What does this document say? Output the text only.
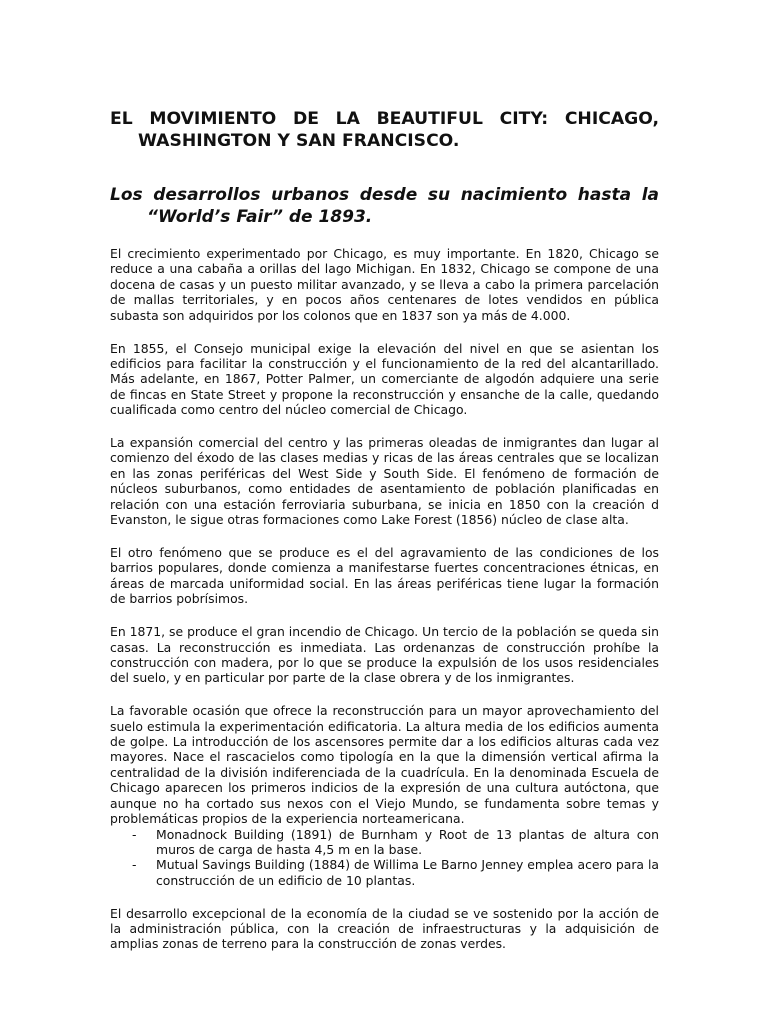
EL MOVIMIENTO DE LA BEAUTIFUL CITY: CHICAGO, WASHINGTON Y SAN FRANCISCO.
Los desarrollos urbanos desde su nacimiento hasta la “World’s Fair” de 1893.

El crecimiento experimentado por Chicago, es muy importante. En 1820, Chicago se reduce a una cabaña a orillas del lago Michigan. En 1832, Chicago se compone de una docena de casas y un puesto militar avanzado, y se lleva a cabo la primera parcelación de mallas territoriales, y en pocos años centenares de lotes vendidos en pública subasta son adquiridos por los colonos que en 1837 son ya más de 4.000.

En 1855, el Consejo municipal exige la elevación del nivel en que se asientan los edificios para facilitar la construcción y el funcionamiento de la red del alcantarillado. Más adelante, en 1867, Potter Palmer, un comerciante de algodón adquiere una serie de fincas en State Street y propone la reconstrucción y ensanche de la calle, quedando cualificada como centro del núcleo comercial de Chicago.

La expansión comercial del centro y las primeras oleadas de inmigrantes dan lugar al comienzo del éxodo de las clases medias y ricas de las áreas centrales que se localizan en las zonas periféricas del West Side y South Side. El fenómeno de formación de núcleos suburbanos, como entidades de asentamiento de población planificadas en relación con una estación ferroviaria suburbana, se inicia en 1850 con la creación d Evanston, le sigue otras formaciones como Lake Forest (1856) núcleo de clase alta.

El otro fenómeno que se produce es el del agravamiento de las condiciones de los barrios populares, donde comienza a manifestarse fuertes concentraciones étnicas, en áreas de marcada uniformidad social. En las áreas periféricas tiene lugar la formación de barrios pobrísimos.

En 1871, se produce el gran incendio de Chicago. Un tercio de la población se queda sin casas. La reconstrucción es inmediata. Las ordenanzas de construcción prohíbe la construcción con madera, por lo que se produce la expulsión de los usos residenciales del suelo, y en particular por parte de la clase obrera y de los inmigrantes.

La favorable ocasión que ofrece la reconstrucción para un mayor aprovechamiento del suelo estimula la experimentación edificatoria. La altura media de los edificios aumenta de golpe. La introducción de los ascensores permite dar a los edificios alturas cada vez mayores. Nace el rascacielos como tipología en la que la dimensión vertical afirma la centralidad de la división indiferenciada de la cuadrícula. En la denominada Escuela de Chicago aparecen los primeros indicios de la expresión de una cultura autóctona, que aunque no ha cortado sus nexos con el Viejo Mundo, se fundamenta sobre temas y problemáticas propios de la experiencia norteamericana.

- Monadnock Building (1891) de Burnham y Root de 13 plantas de altura con muros de carga de hasta 4,5 m en la base.
- Mutual Savings Building (1884) de Willima Le Barno Jenney emplea acero para la construcción de un edificio de 10 plantas.

El desarrollo excepcional de la economía de la ciudad se ve sostenido por la acción de la administración pública, con la creación de infraestructuras y la adquisición de amplias zonas de terreno para la construcción de zonas verdes.
